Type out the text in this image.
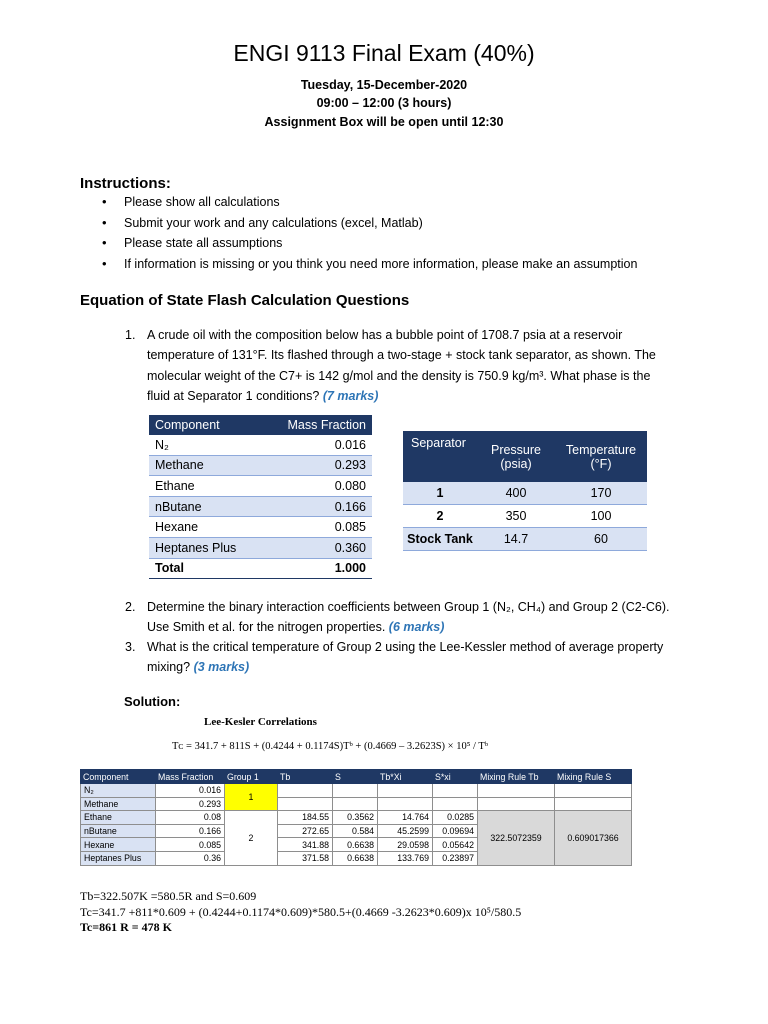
ENGI 9113 Final Exam (40%)
Tuesday, 15-December-2020
09:00 – 12:00 (3 hours)
Assignment Box will be open until 12:30
Instructions:
• Please show all calculations
• Submit your work and any calculations (excel, Matlab)
• Please state all assumptions
• If information is missing or you think you need more information, please make an assumption
Equation of State Flash Calculation Questions
1. A crude oil with the composition below has a bubble point of 1708.7 psia at a reservoir
temperature of 131°F. Its flashed through a two-stage + stock tank separator, as shown. The
molecular weight of the C7+ is 142 g/mol and the density is 750.9 kg/m³. What phase is the
fluid at Separator 1 conditions? (7 marks)
Component	Mass Fraction
N₂	0.016
Methane	0.293
Ethane	0.080
nButane	0.166
Hexane	0.085
Heptanes Plus	0.360
Total	1.000
Separator	Pressure (psia)	Temperature (°F)
1	400	170
2	350	100
Stock Tank	14.7	60
2. Determine the binary interaction coefficients between Group 1 (N₂, CH₄) and Group 2 (C2-C6).
Use Smith et al. for the nitrogen properties. (6 marks)
3. What is the critical temperature of Group 2 using the Lee-Kessler method of average property
mixing? (3 marks)
Solution:
Lee-Kesler Correlations
Tᴄ = 341.7 + 811S + (0.4244 + 0.1174S)Tᵇ + (0.4669 – 3.2623S) × 10⁵ / Tᵇ
Component	Mass Fraction	Group 1	Tb	S	Tb*Xi	S*xi	Mixing Rule Tb	Mixing Rule S
N₂	0.016	1						
Methane	0.293							
Ethane	0.08	2	184.55	0.3562	14.764	0.0285	322.5072359	0.609017366
nButane	0.166		272.65	0.584	45.2599	0.09694		
Hexane	0.085		341.88	0.6638	29.0598	0.05642		
Heptanes Plus	0.36		371.58	0.6638	133.769	0.23897		
Tb=322.507K =580.5R and S=0.609
Tc=341.7 +811*0.609 + (0.4244+0.1174*0.609)*580.5+(0.4669 -3.2623*0.609)x 10⁵/580.5
Tc=861 R = 478 K
